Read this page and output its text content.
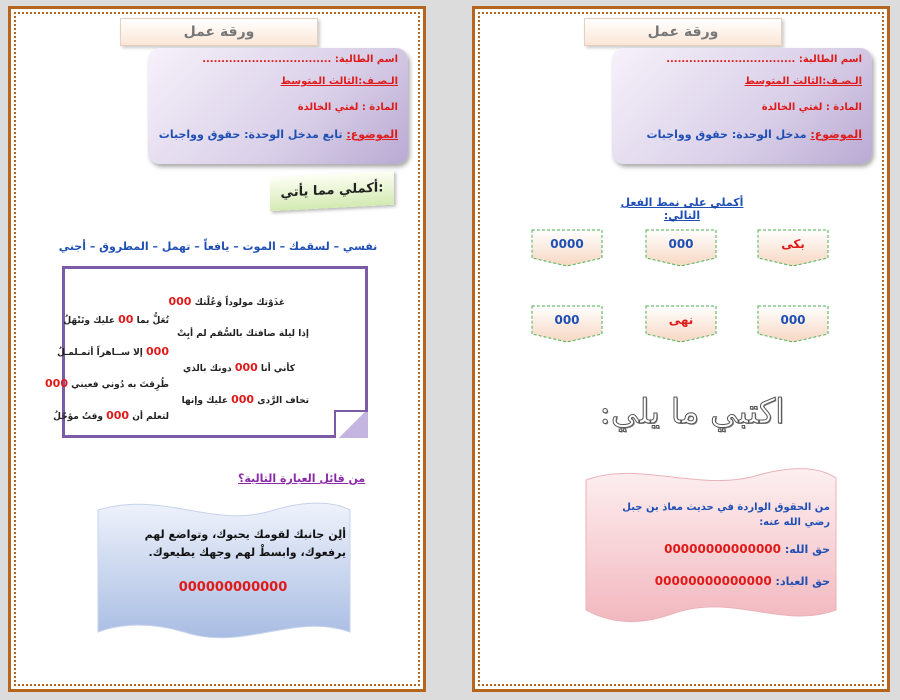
ورقة عمل
اسم الطالبة: ..................................
الـصـف:الثالث المتوسط
المادة : لغتي الخالدة
الموضوع: تابع مدخل الوحدة: حقوق وواجبات
أكملي مما يأتي:
نفسي – لسقمك – الموت – يافعاً – تهمل – المطروق – أجني
غذَوْتك مولوداً وَعُلْتك 000
إذا ليلة ضافتك بالسُّقم لم أبِتْ
كأني أنا 000 دونك بالذي
تخاف الرَّدى 000 عليك وإنها
تُعَلُّ بما 00 عليك وتَنْهَلُ
000 إلا ســاهراً أتمـلمـلُ
طُرِقتَ به دُوني فعيني 000
لتعلم أن 000 وقتٌ مؤجّلُ
من قائل العبارة التالية؟
ألِن جانبك لقومك يحبوك، وتواضع لهم يرفعوك، وابسطْ لهم وجهك يطيعوك.
000000000000
ورقة عمل
اسم الطالبة: ..................................
الـصـف:الثالث المتوسط
المادة : لغتي الخالدة
الموضوع: مدخل الوحدة: حقوق وواجبات
أكملي على نمط الفعل التالي:
بكى
000
0000
000
نهى
000
اكتبي ما يلي:
من الحقوق الواردة في حديث معاذ بن جبل رضي الله عنه:
حق الله: 00000000000000
حق العباد: 00000000000000
